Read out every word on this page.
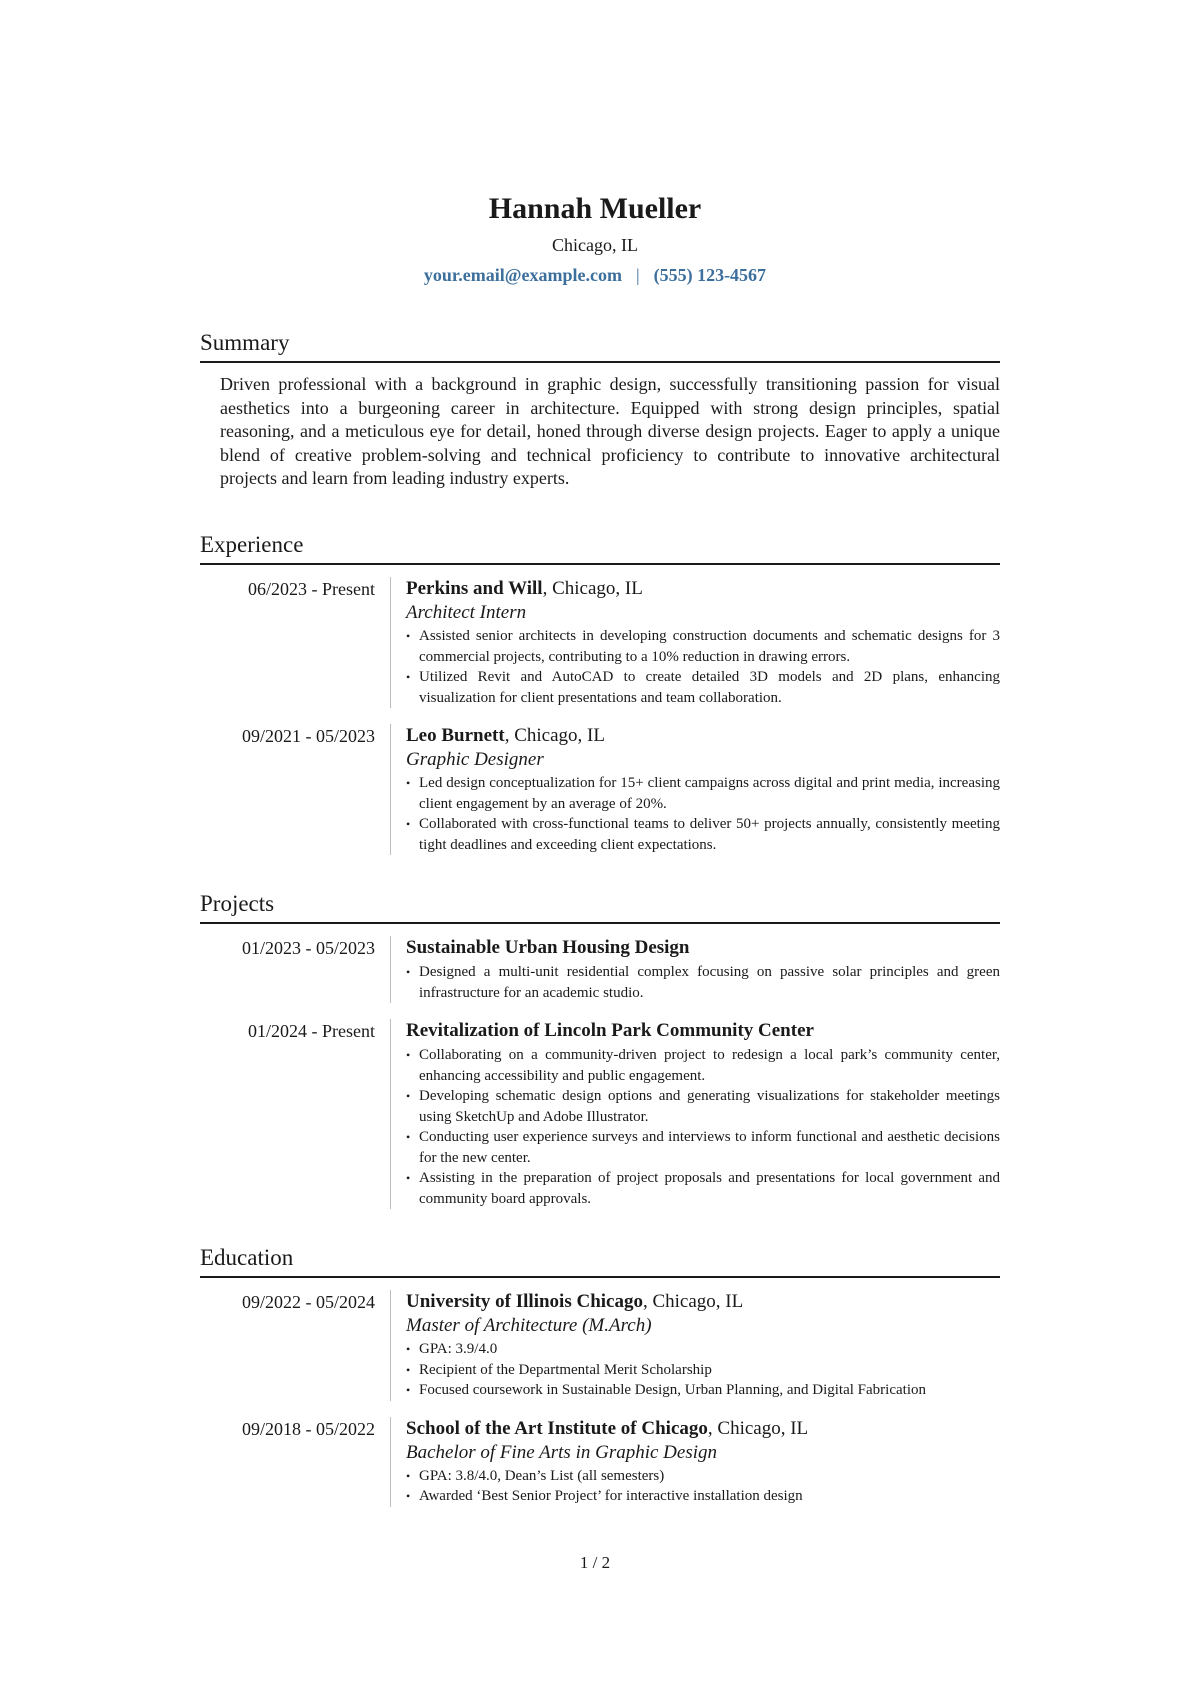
Hannah Mueller
Chicago, IL
your.email@example.com | (555) 123-4567
Summary
Driven professional with a background in graphic design, successfully transitioning passion for visual aesthetics into a burgeoning career in architecture. Equipped with strong design principles, spatial reasoning, and a meticulous eye for detail, honed through diverse design projects. Eager to apply a unique blend of creative problem-solving and technical proficiency to contribute to innovative architectural projects and learn from leading industry experts.
Experience
06/2023 - Present	Perkins and Will, Chicago, IL
Architect Intern
• Assisted senior architects in developing construction documents and schematic designs for 3 commercial projects, contributing to a 10% reduction in drawing errors.
• Utilized Revit and AutoCAD to create detailed 3D models and 2D plans, enhancing visualization for client presentations and team collaboration.
09/2021 - 05/2023	Leo Burnett, Chicago, IL
Graphic Designer
• Led design conceptualization for 15+ client campaigns across digital and print media, increasing client engagement by an average of 20%.
• Collaborated with cross-functional teams to deliver 50+ projects annually, consistently meeting tight deadlines and exceeding client expectations.
Projects
01/2023 - 05/2023	Sustainable Urban Housing Design
• Designed a multi-unit residential complex focusing on passive solar principles and green infrastructure for an academic studio.
01/2024 - Present	Revitalization of Lincoln Park Community Center
• Collaborating on a community-driven project to redesign a local park’s community center, enhancing accessibility and public engagement.
• Developing schematic design options and generating visualizations for stakeholder meetings using SketchUp and Adobe Illustrator.
• Conducting user experience surveys and interviews to inform functional and aesthetic decisions for the new center.
• Assisting in the preparation of project proposals and presentations for local government and community board approvals.
Education
09/2022 - 05/2024	University of Illinois Chicago, Chicago, IL
Master of Architecture (M.Arch)
• GPA: 3.9/4.0
• Recipient of the Departmental Merit Scholarship
• Focused coursework in Sustainable Design, Urban Planning, and Digital Fabrication
09/2018 - 05/2022	School of the Art Institute of Chicago, Chicago, IL
Bachelor of Fine Arts in Graphic Design
• GPA: 3.8/4.0, Dean’s List (all semesters)
• Awarded ‘Best Senior Project’ for interactive installation design
1 / 2
